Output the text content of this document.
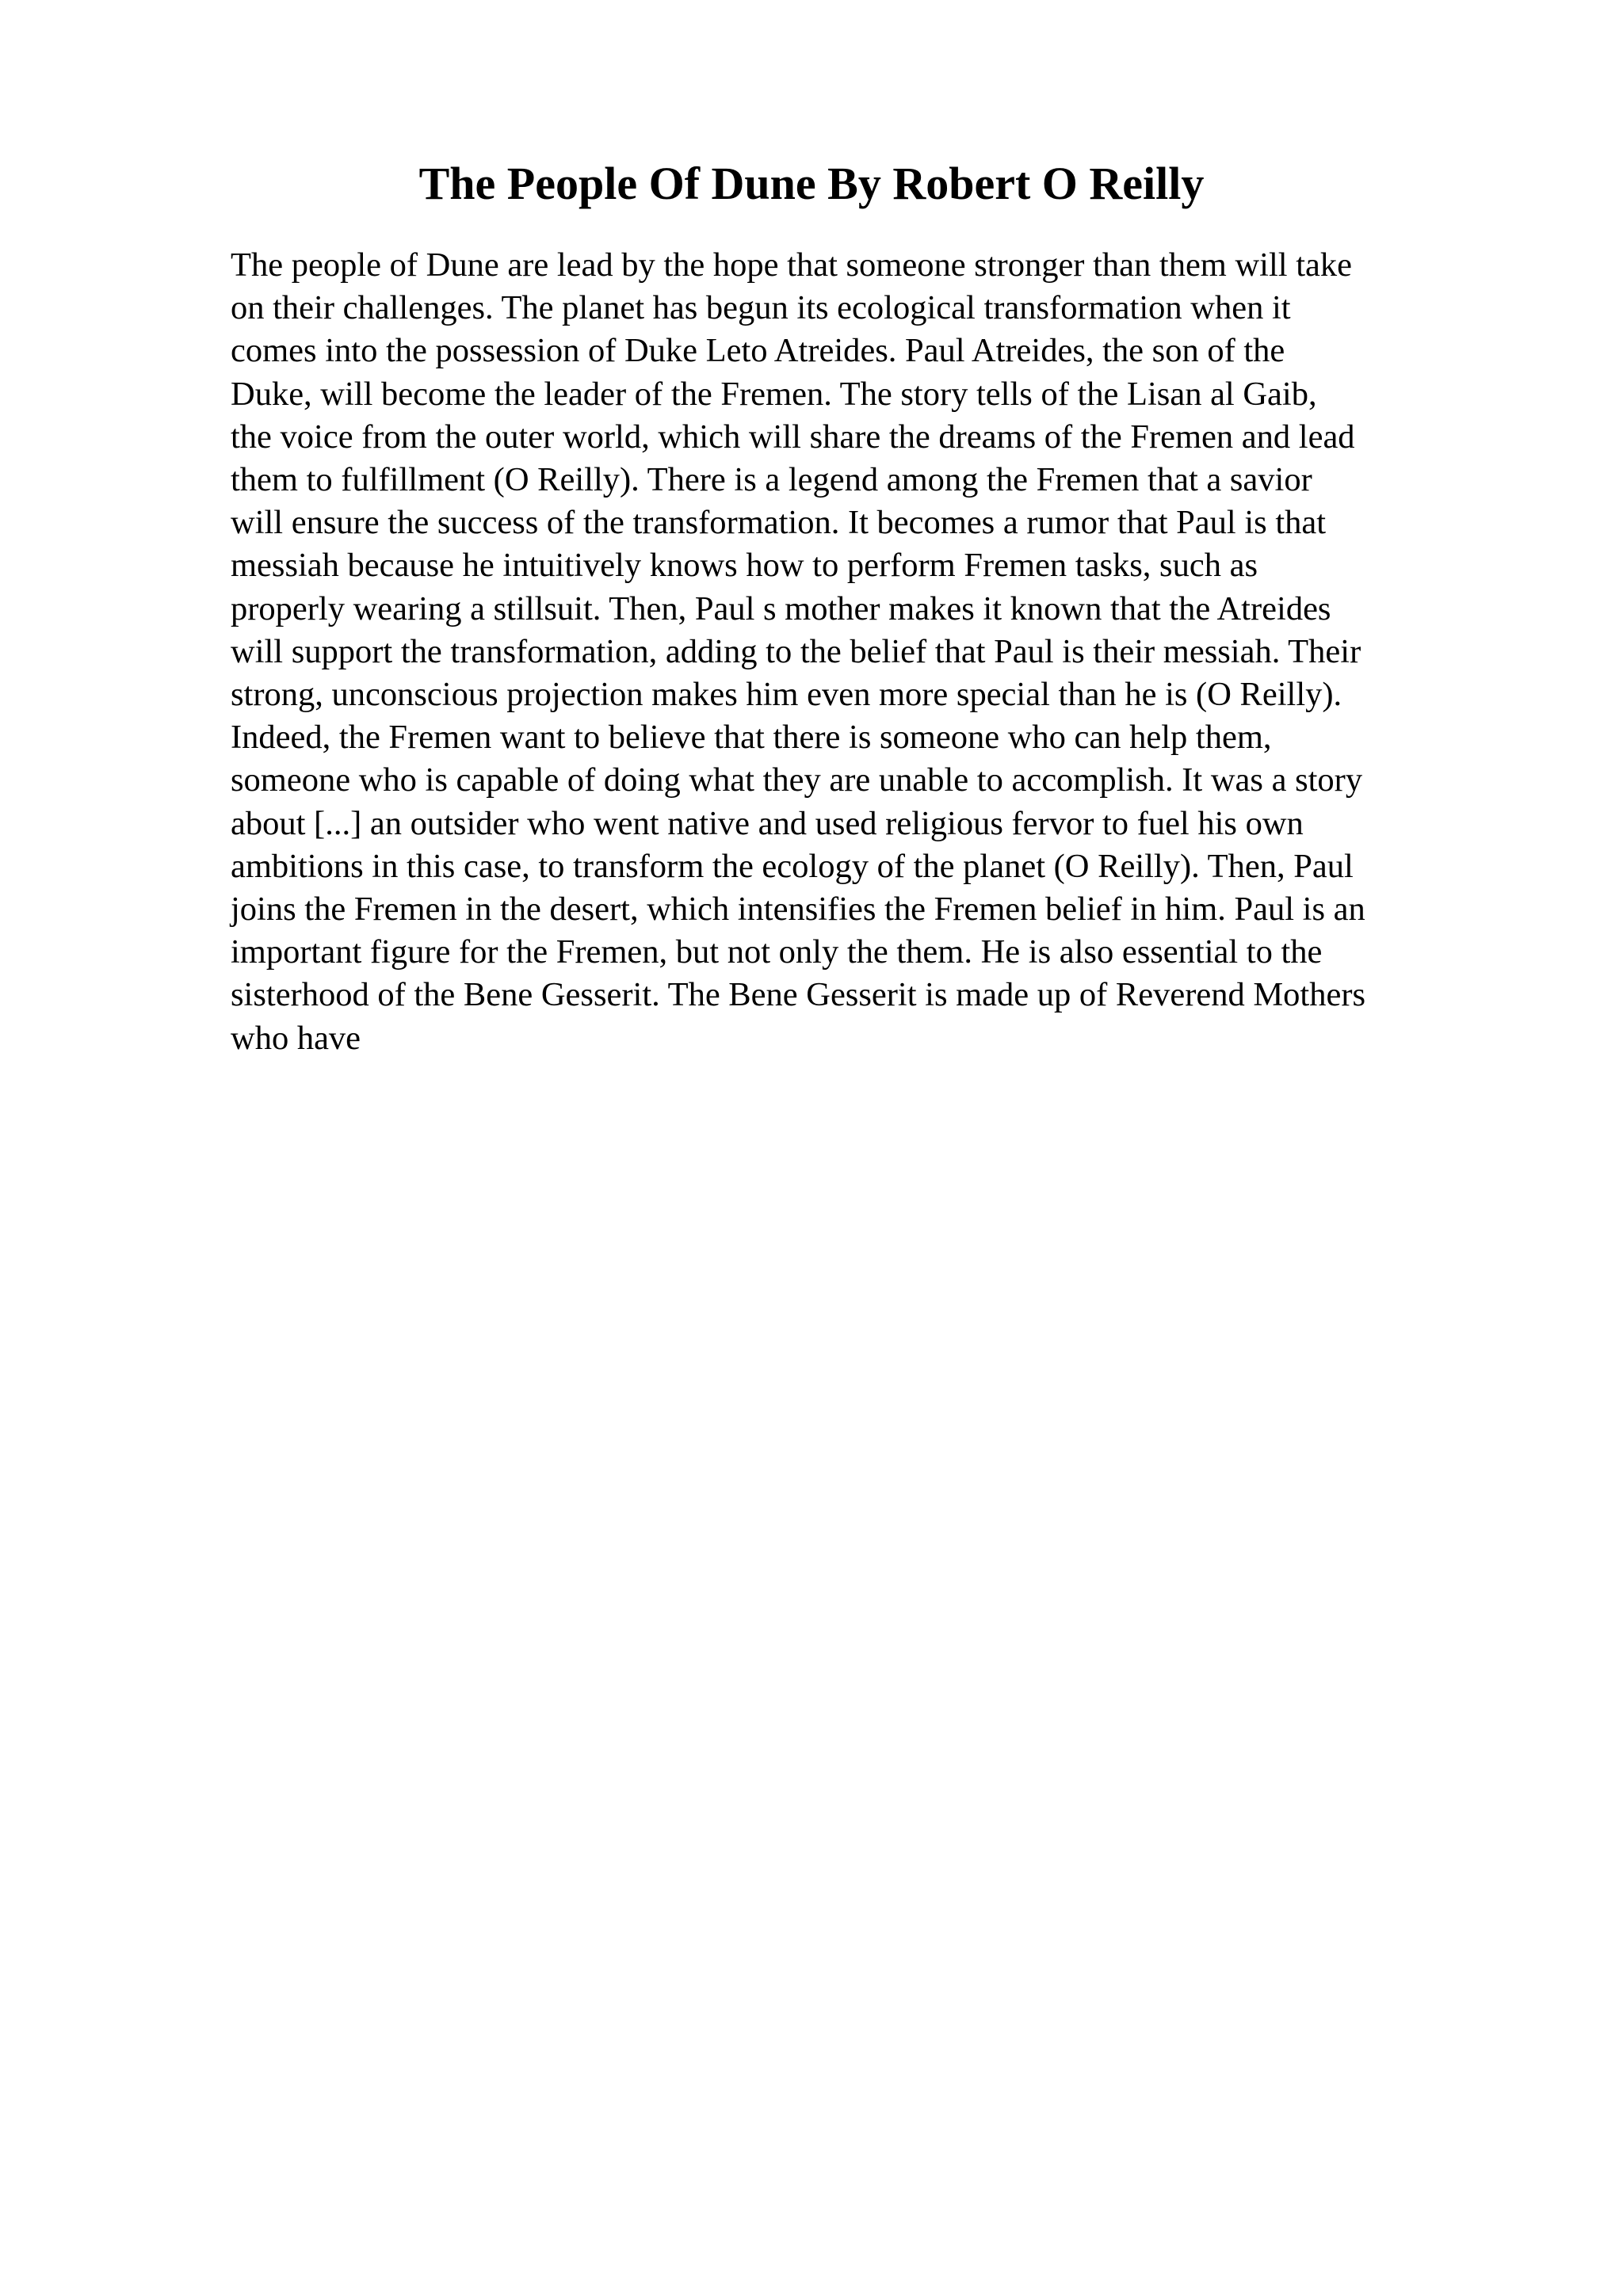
The People Of Dune By Robert O Reilly
The people of Dune are lead by the hope that someone stronger than them will take
on their challenges. The planet has begun its ecological transformation when it
comes into the possession of Duke Leto Atreides. Paul Atreides, the son of the
Duke, will become the leader of the Fremen. The story tells of the Lisan al Gaib,
the voice from the outer world, which will share the dreams of the Fremen and lead
them to fulfillment (O Reilly). There is a legend among the Fremen that a savior
will ensure the success of the transformation. It becomes a rumor that Paul is that
messiah because he intuitively knows how to perform Fremen tasks, such as
properly wearing a stillsuit. Then, Paul s mother makes it known that the Atreides
will support the transformation, adding to the belief that Paul is their messiah. Their
strong, unconscious projection makes him even more special than he is (O Reilly).
Indeed, the Fremen want to believe that there is someone who can help them,
someone who is capable of doing what they are unable to accomplish. It was a story
about [...] an outsider who went native and used religious fervor to fuel his own
ambitions in this case, to transform the ecology of the planet (O Reilly). Then, Paul
joins the Fremen in the desert, which intensifies the Fremen belief in him. Paul is an
important figure for the Fremen, but not only the them. He is also essential to the
sisterhood of the Bene Gesserit. The Bene Gesserit is made up of Reverend Mothers
who have
